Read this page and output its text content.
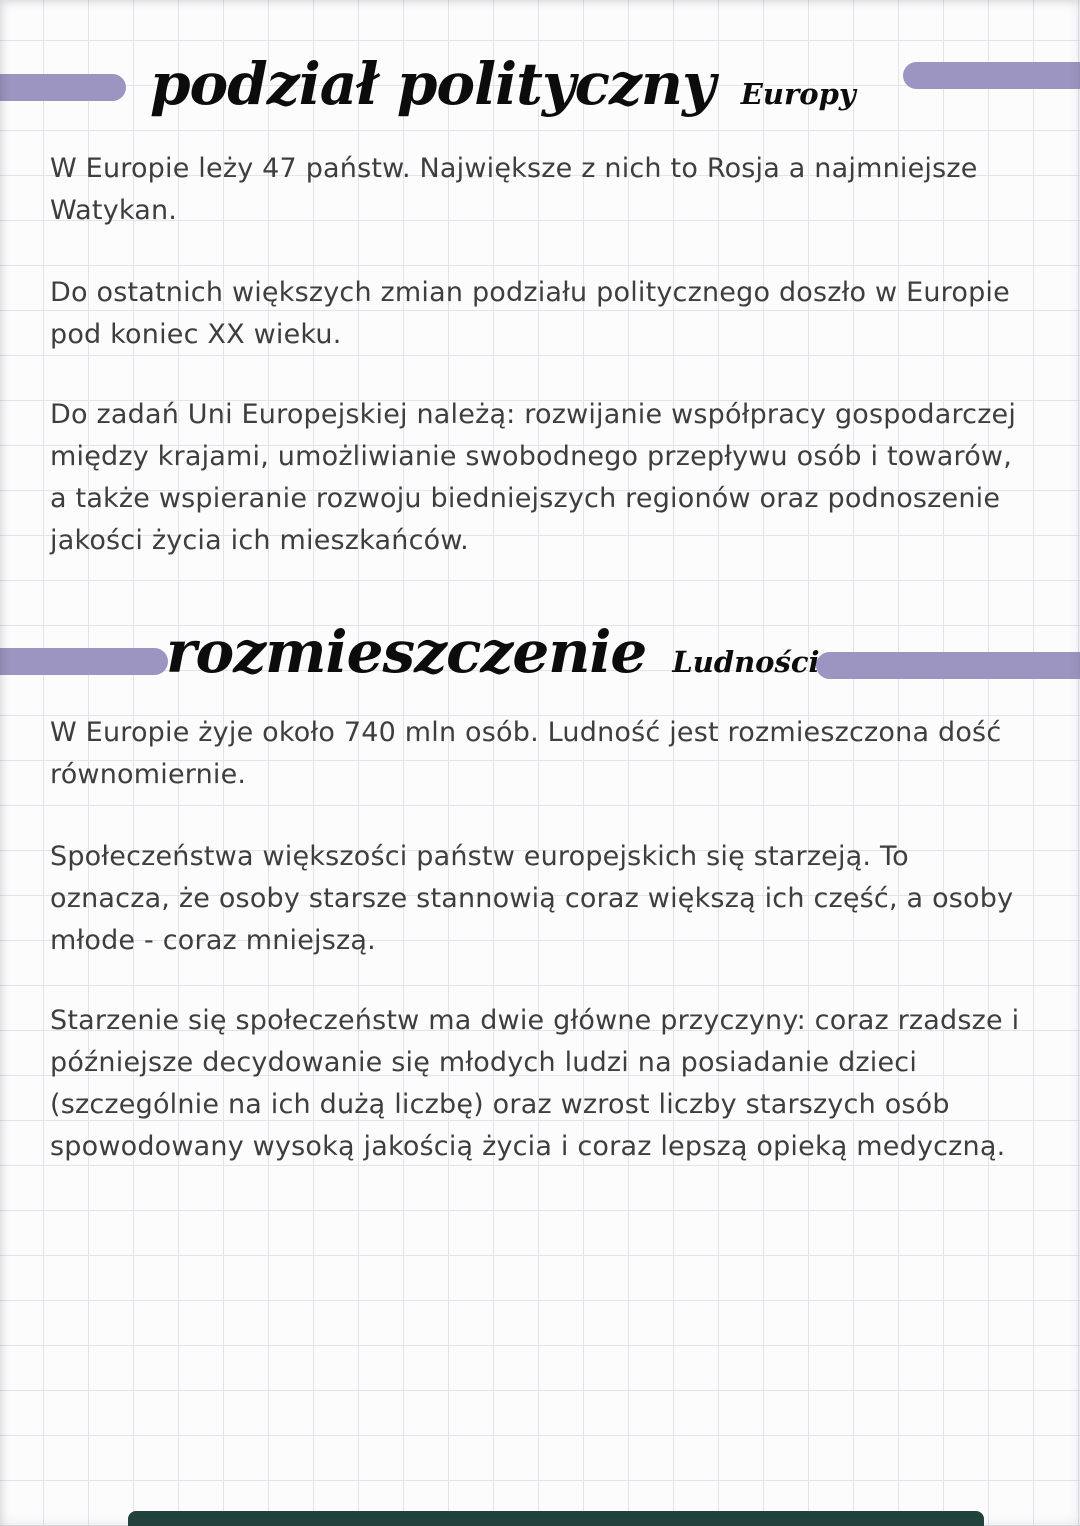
podział polityczny Europy

W Europie leży 47 państw. Największe z nich to Rosja a najmniejsze Watykan.

Do ostatnich większych zmian podziału politycznego doszło w Europie pod koniec XX wieku.

Do zadań Uni Europejskiej należą: rozwijanie współpracy gospodarczej między krajami, umożliwianie swobodnego przepływu osób i towarów, a także wspieranie rozwoju biedniejszych regionów oraz podnoszenie jakości życia ich mieszkańców.

rozmieszczenie Ludności

W Europie żyje około 740 mln osób. Ludność jest rozmieszczona dość równomiernie.

Społeczeństwa większości państw europejskich się starzeją. To oznacza, że osoby starsze stannowią coraz większą ich część, a osoby młode - coraz mniejszą.

Starzenie się społeczeństw ma dwie główne przyczyny: coraz rzadsze i późniejsze decydowanie się młodych ludzi na posiadanie dzieci (szczególnie na ich dużą liczbę) oraz wzrost liczby starszych osób spowodowany wysoką jakością życia i coraz lepszą opieką medyczną.
